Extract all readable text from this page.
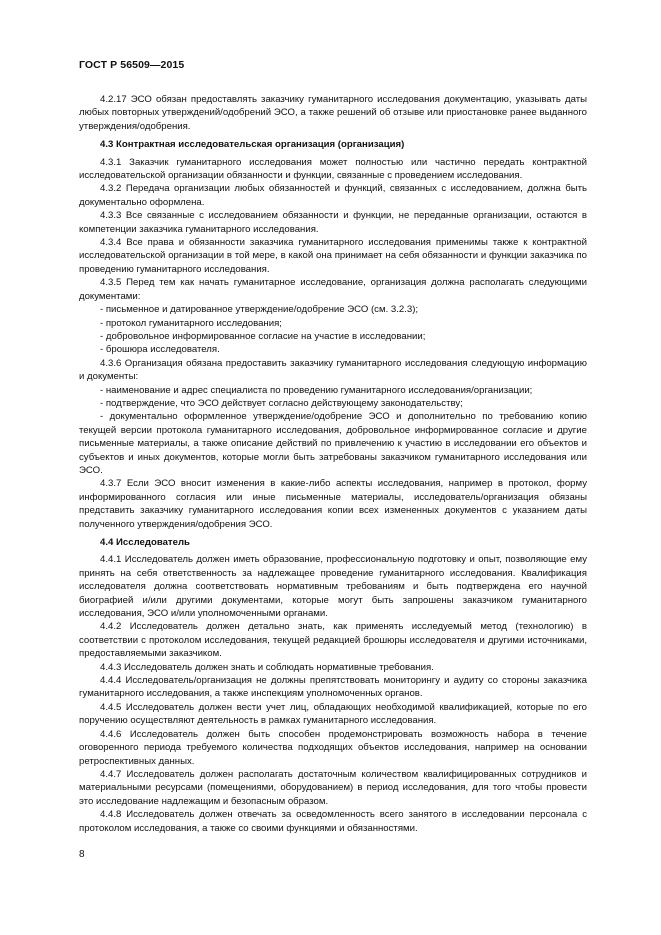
ГОСТ Р 56509—2015

4.2.17 ЭСО обязан предоставлять заказчику гуманитарного исследования документацию, указывать даты любых повторных утверждений/одобрений ЭСО, а также решений об отзыве или приостановке ранее выданного утверждения/одобрения.

4.3 Контрактная исследовательская организация (организация)

4.3.1 Заказчик гуманитарного исследования может полностью или частично передать контрактной исследовательской организации обязанности и функции, связанные с проведением исследования.

4.3.2 Передача организации любых обязанностей и функций, связанных с исследованием, должна быть документально оформлена.

4.3.3 Все связанные с исследованием обязанности и функции, не переданные организации, остаются в компетенции заказчика гуманитарного исследования.

4.3.4 Все права и обязанности заказчика гуманитарного исследования применимы также к контрактной исследовательской организации в той мере, в какой она принимает на себя обязанности и функции заказчика по проведению гуманитарного исследования.

4.3.5 Перед тем как начать гуманитарное исследование, организация должна располагать следующими документами:

- письменное и датированное утверждение/одобрение ЭСО (см. 3.2.3);

- протокол гуманитарного исследования;

- добровольное информированное согласие на участие в исследовании;

- брошюра исследователя.

4.3.6 Организация обязана предоставить заказчику гуманитарного исследования следующую информацию и документы:

- наименование и адрес специалиста по проведению гуманитарного исследования/организации;

- подтверждение, что ЭСО действует согласно действующему законодательству;

- документально оформленное утверждение/одобрение ЭСО и дополнительно по требованию копию текущей версии протокола гуманитарного исследования, добровольное информированное согласие и другие письменные материалы, а также описание действий по привлечению к участию в исследовании его объектов и субъектов и иных документов, которые могли быть затребованы заказчиком гуманитарного исследования или ЭСО.

4.3.7 Если ЭСО вносит изменения в какие-либо аспекты исследования, например в протокол, форму информированного согласия или иные письменные материалы, исследователь/организация обязаны представить заказчику гуманитарного исследования копии всех измененных документов с указанием даты полученного утверждения/одобрения ЭСО.

4.4 Исследователь

4.4.1 Исследователь должен иметь образование, профессиональную подготовку и опыт, позволяющие ему принять на себя ответственность за надлежащее проведение гуманитарного исследования. Квалификация исследователя должна соответствовать нормативным требованиям и быть подтверждена его научной биографией и/или другими документами, которые могут быть запрошены заказчиком гуманитарного исследования, ЭСО и/или уполномоченными органами.

4.4.2 Исследователь должен детально знать, как применять исследуемый метод (технологию) в соответствии с протоколом исследования, текущей редакцией брошюры исследователя и другими источниками, предоставляемыми заказчиком.

4.4.3 Исследователь должен знать и соблюдать нормативные требования.

4.4.4 Исследователь/организация не должны препятствовать мониторингу и аудиту со стороны заказчика гуманитарного исследования, а также инспекциям уполномоченных органов.

4.4.5 Исследователь должен вести учет лиц, обладающих необходимой квалификацией, которые по его поручению осуществляют деятельность в рамках гуманитарного исследования.

4.4.6 Исследователь должен быть способен продемонстрировать возможность набора в течение оговоренного периода требуемого количества подходящих объектов исследования, например на основании ретроспективных данных.

4.4.7 Исследователь должен располагать достаточным количеством квалифицированных сотрудников и материальными ресурсами (помещениями, оборудованием) в период исследования, для того чтобы провести это исследование надлежащим и безопасным образом.

4.4.8 Исследователь должен отвечать за осведомленность всего занятого в исследовании персонала с протоколом исследования, а также со своими функциями и обязанностями.

8
